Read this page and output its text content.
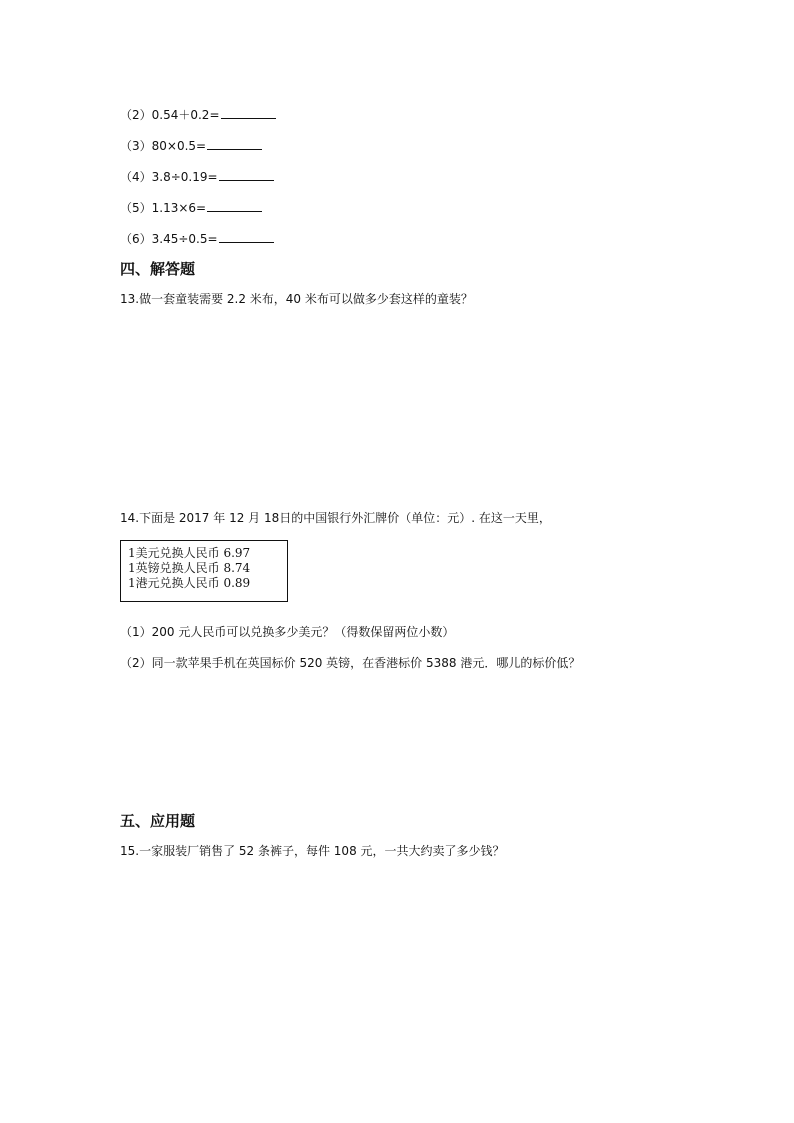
（2）0.54＋0.2=
（3）80×0.5=
（4）3.8÷0.19=
（5）1.13×6=
（6）3.45÷0.5=
四、解答题
13.做一套童装需要 2.2 米布，40 米布可以做多少套这样的童装？
14.下面是 2017 年 12 月 18日的中国银行外汇牌价（单位：元）. 在这一天里，
1美元兑换人民币 6.97
1英镑兑换人民币 8.74
1港元兑换人民币 0.89
（1）200 元人民币可以兑换多少美元？（得数保留两位小数）
（2）同一款苹果手机在英国标价 520 英镑，在香港标价 5388 港元．哪儿的标价低？
五、应用题
15.一家服装厂销售了 52 条裤子，每件 108 元，一共大约卖了多少钱？
